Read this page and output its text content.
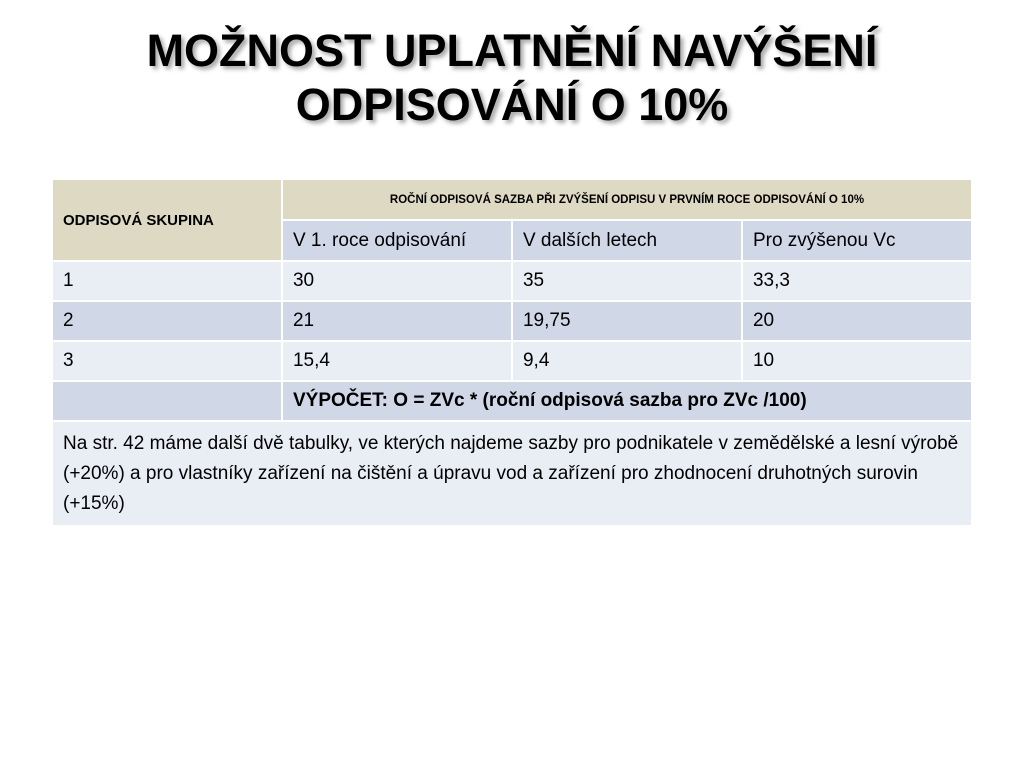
MOŽNOST UPLATNĚNÍ NAVÝŠENÍ
ODPISOVÁNÍ O 10%
ODPISOVÁ SKUPINA	ROČNÍ ODPISOVÁ SAZBA PŘI ZVÝŠENÍ ODPISU V PRVNÍM ROCE ODPISOVÁNÍ O 10%		
	V 1. roce odpisování	V dalších letech	Pro zvýšenou Vc
1	30	35	33,3
2	21	19,75	20
3	15,4	9,4	10
	VÝPOČET: O = ZVc * (roční odpisová sazba pro ZVc /100)		
Na str. 42 máme další dvě tabulky, ve kterých najdeme sazby pro podnikatele v zemědělské a lesní výrobě (+20%) a pro vlastníky zařízení na čištění a úpravu vod a zařízení pro zhodnocení druhotných surovin (+15%)			
